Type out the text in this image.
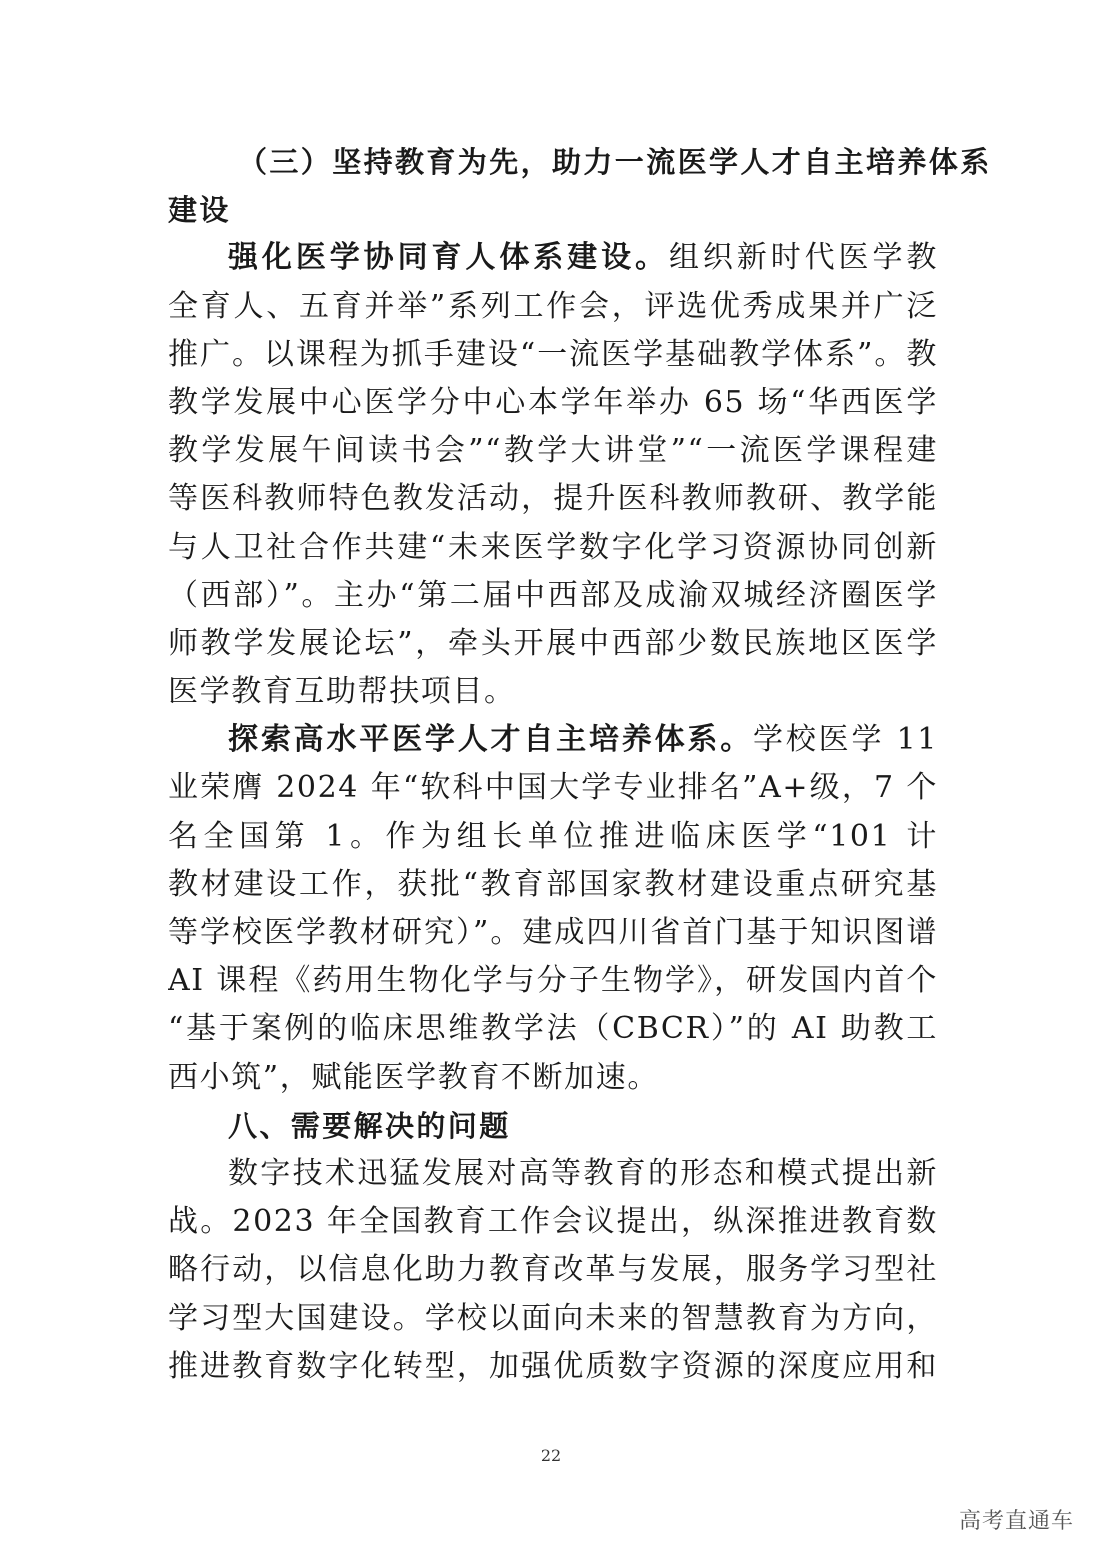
（三）坚持教育为先，助力一流医学人才自主培养体系
建设
强化医学协同育人体系建设。组织新时代医学教
全育人、五育并举”系列工作会，评选优秀成果并广泛
推广。以课程为抓手建设“一流医学基础教学体系”。教
教学发展中心医学分中心本学年举办 65 场“华西医学
教学发展午间读书会”“教学大讲堂”“一流医学课程建
等医科教师特色教发活动，提升医科教师教研、教学能
与人卫社合作共建“未来医学数字化学习资源协同创新
（西部）”。主办“第二届中西部及成渝双城经济圈医学
师教学发展论坛”，牵头开展中西部少数民族地区医学
医学教育互助帮扶项目。
探索高水平医学人才自主培养体系。学校医学 11
业荣膺 2024 年“软科中国大学专业排名”A+级，7 个
名全国第 1。作为组长单位推进临床医学“101 计
教材建设工作，获批“教育部国家教材建设重点研究基
等学校医学教材研究）”。建成四川省首门基于知识图谱
AI 课程《药用生物化学与分子生物学》，研发国内首个
“基于案例的临床思维教学法（CBCR）”的 AI 助教工
西小筑”，赋能医学教育不断加速。
八、需要解决的问题
数字技术迅猛发展对高等教育的形态和模式提出新
战。2023 年全国教育工作会议提出，纵深推进教育数
略行动，以信息化助力教育改革与发展，服务学习型社
学习型大国建设。学校以面向未来的智慧教育为方向，
推进教育数字化转型，加强优质数字资源的深度应用和
22
高考直通车
